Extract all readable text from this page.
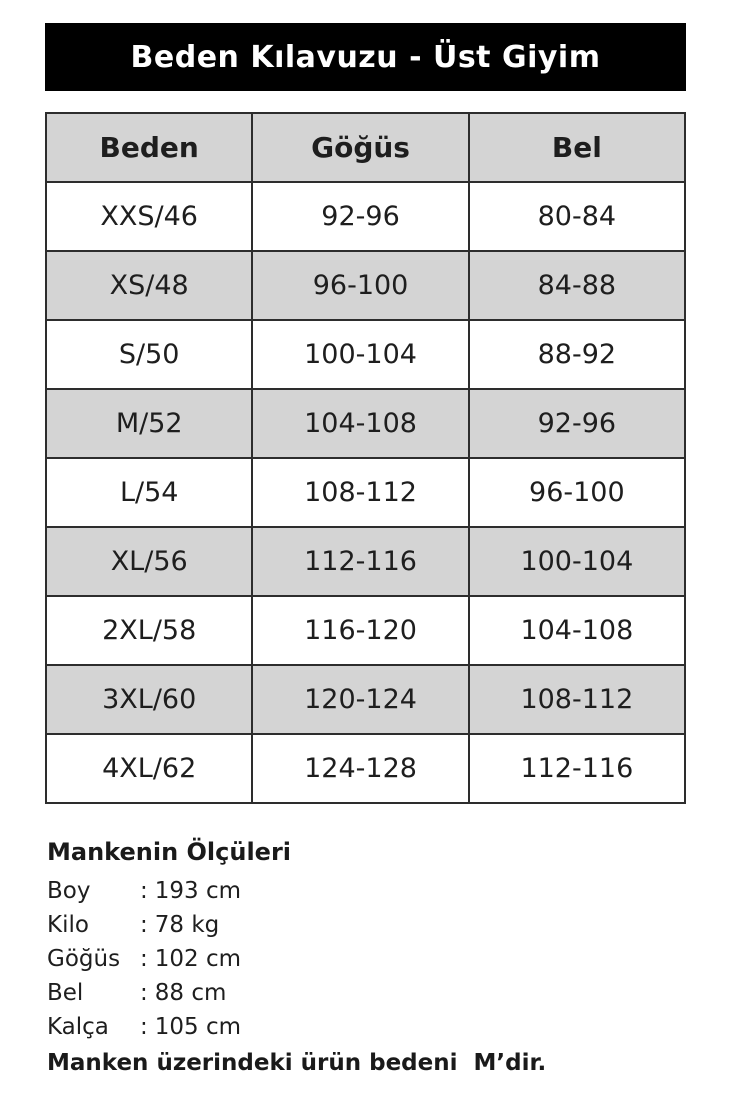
Beden Kılavuzu - Üst Giyim
Beden	Göğüs	Bel
XXS/46	92-96	80-84
XS/48	96-100	84-88
S/50	100-104	88-92
M/52	104-108	92-96
L/54	108-112	96-100
XL/56	112-116	100-104
2XL/58	116-120	104-108
3XL/60	120-124	108-112
4XL/62	124-128	112-116
Mankenin Ölçüleri
Boy	: 193 cm
Kilo	: 78 kg
Göğüs : 102 cm
Bel	: 88 cm
Kalça	: 105 cm

Manken üzerindeki ürün bedeni  M’dir.
